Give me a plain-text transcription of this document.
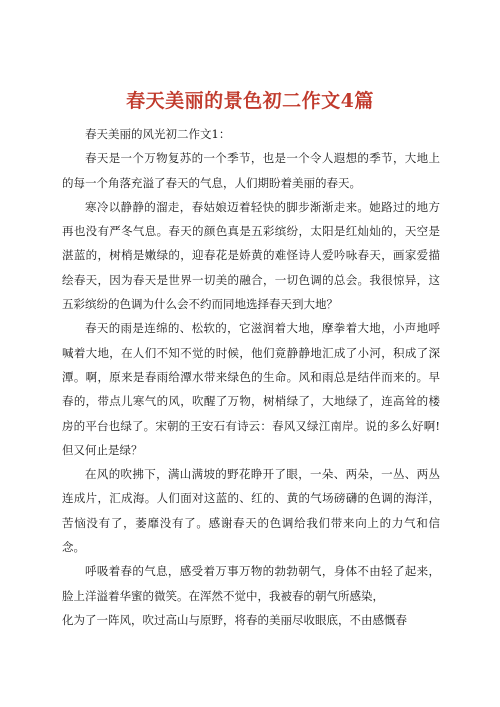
春天美丽的景色初二作文4篇

春天美丽的风光初二作文1：

春天是一个万物复苏的一个季节，也是一个令人遐想的季节，大地上的每一个角落充溢了春天的气息，人们期盼着美丽的春天。

寒冷以静静的溜走，春姑娘迈着轻快的脚步渐渐走来。她路过的地方再也没有严冬气息。春天的颜色真是五彩缤纷，太阳是红灿灿的，天空是湛蓝的，树梢是嫩绿的，迎春花是娇黄的难怪诗人爱吟咏春天，画家爱描绘春天，因为春天是世界一切美的融合，一切色调的总会。我很惊异，这五彩缤纷的色调为什么会不约而同地选择春天到大地？

春天的雨是连绵的、松软的，它滋润着大地，摩拳着大地，小声地呼喊着大地，在人们不知不觉的时候，他们竟静静地汇成了小河，积成了深潭。啊，原来是春雨给潭水带来绿色的生命。风和雨总是结伴而来的。早春的，带点儿寒气的风，吹醒了万物，树梢绿了，大地绿了，连高耸的楼房的平台也绿了。宋朝的王安石有诗云：春风又绿江南岸。说的多么好啊!但又何止是绿？

在风的吹拂下，满山满坡的野花睁开了眼，一朵、两朵，一丛、两丛连成片，汇成海。人们面对这蓝的、红的、黄的气场磅礴的色调的海洋，苦恼没有了，萎靡没有了。感谢春天的色调给我们带来向上的力气和信念。

呼吸着春的气息，感受着万事万物的勃勃朝气，身体不由轻了起来，脸上洋溢着华蜜的微笑。在浑然不觉中，我被春的朝气所感染，

化为了一阵风，吹过高山与原野，将春的美丽尽收眼底，不由感慨春
